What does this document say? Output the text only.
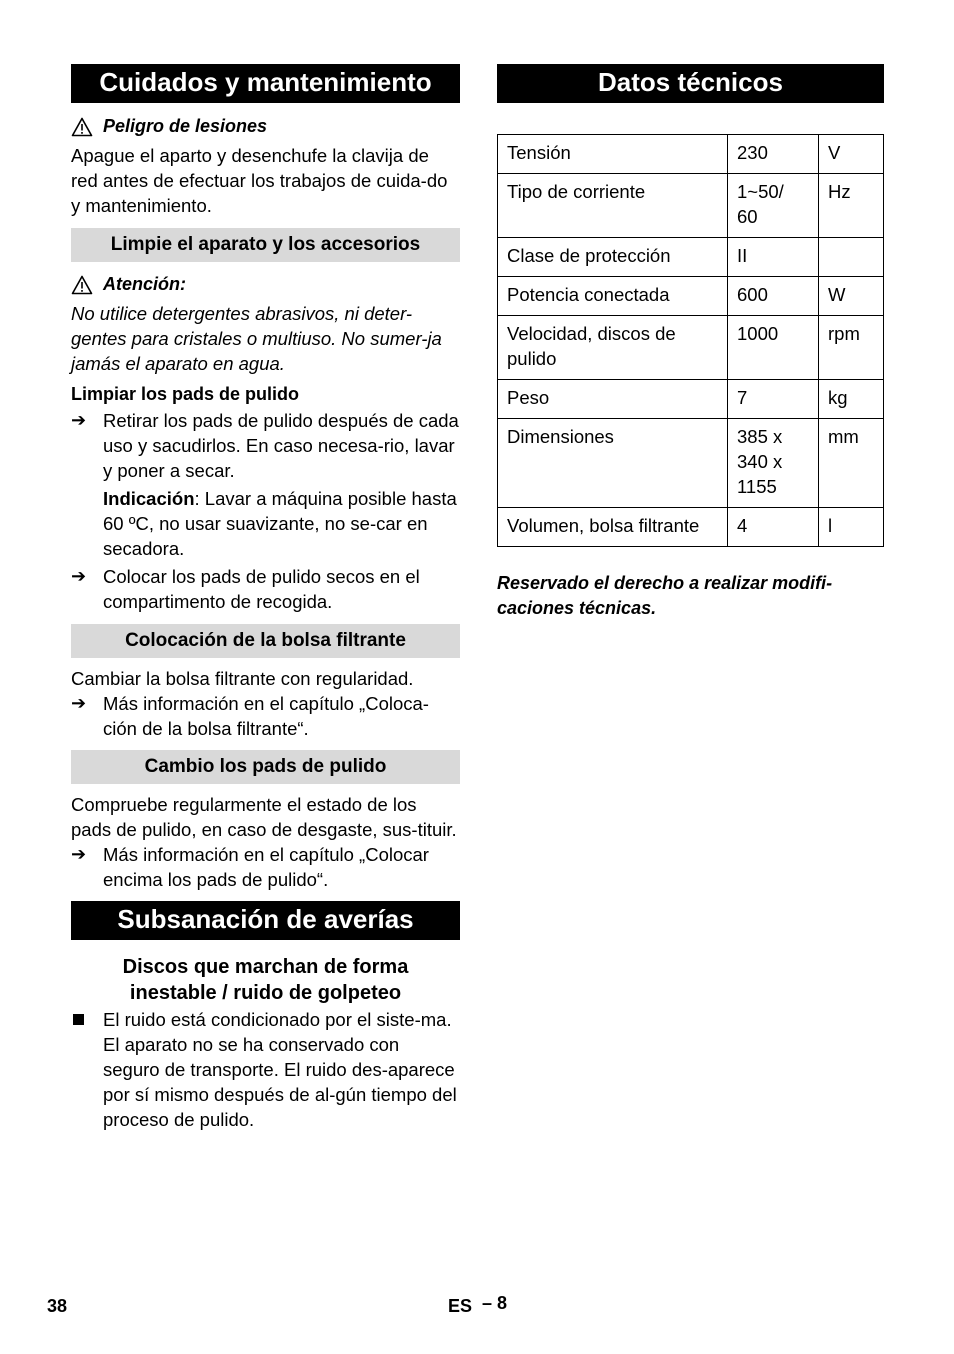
Cuidados y mantenimiento
Peligro de lesiones
Apague el aparto y desenchufe la clavija de red antes de efectuar los trabajos de cuida-do y mantenimiento.
Limpie el aparato y los accesorios
Atención:
No utilice detergentes abrasivos, ni deter-gentes para cristales o multiuso. No sumer-ja jamás el aparato en agua.
Limpiar los pads de pulido
➔ Retirar los pads de pulido después de cada uso y sacudirlos. En caso necesa-rio, lavar y poner a secar.
Indicación: Lavar a máquina posible hasta 60 ºC, no usar suavizante, no se-car en secadora.
➔ Colocar los pads de pulido secos en el compartimento de recogida.
Colocación de la bolsa filtrante
Cambiar la bolsa filtrante con regularidad.
➔ Más información en el capítulo „Coloca-ción de la bolsa filtrante“.
Cambio los pads de pulido
Compruebe regularmente el estado de los pads de pulido, en caso de desgaste, sus-tituir.
➔ Más información en el capítulo „Colocar encima los pads de pulido“.
Subsanación de averías
Discos que marchan de forma inestable / ruido de golpeteo
El ruido está condicionado por el siste-ma. El aparato no se ha conservado con seguro de transporte. El ruido des-aparece por sí mismo después de al-gún tiempo del proceso de pulido.
Datos técnicos
Tensión	230	V
Tipo de corriente	1~50/ 60	Hz
Clase de protección	II	
Potencia conectada	600	W
Velocidad, discos de pulido	1000	rpm
Peso	7	kg
Dimensiones	385 x 340 x 1155	mm
Volumen, bolsa filtrante	4	l
Reservado el derecho a realizar modifi-caciones técnicas.
38	ES – 8
